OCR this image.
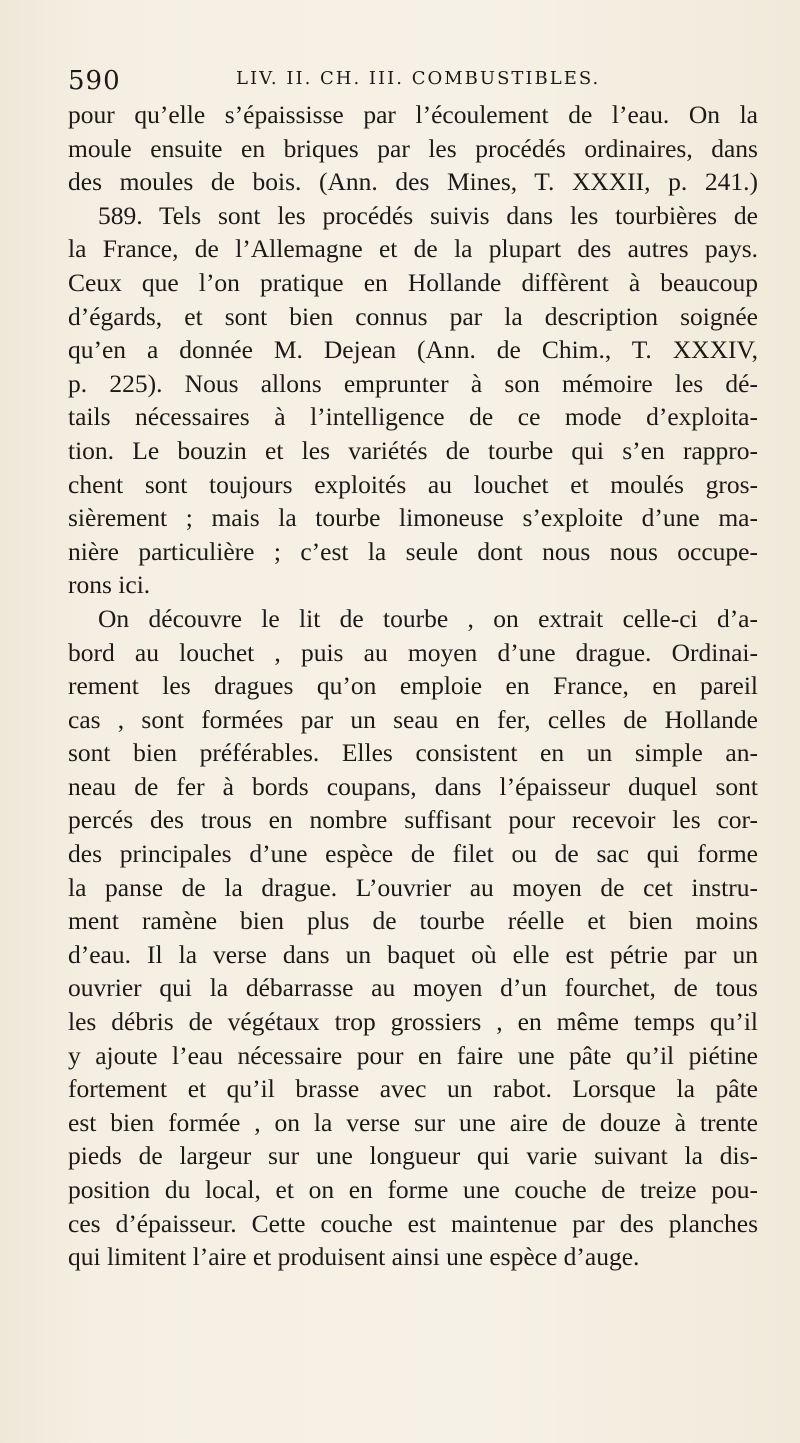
590	LIV. II. CH. III. COMBUSTIBLES.
pour qu’elle s’épaississe par l’écoulement de l’eau. On la
moule ensuite en briques par les procédés ordinaires, dans
des moules de bois. (Ann. des Mines, T. XXXII, p. 241.)
589. Tels sont les procédés suivis dans les tourbières de
la France, de l’Allemagne et de la plupart des autres pays.
Ceux que l’on pratique en Hollande diffèrent à beaucoup
d’égards, et sont bien connus par la description soignée
qu’en a donnée M. Dejean (Ann. de Chim., T. XXXIV,
p. 225). Nous allons emprunter à son mémoire les dé-
tails nécessaires à l’intelligence de ce mode d’exploita-
tion. Le bouzin et les variétés de tourbe qui s’en rappro-
chent sont toujours exploités au louchet et moulés gros-
sièrement ; mais la tourbe limoneuse s’exploite d’une ma-
nière particulière ; c’est la seule dont nous nous occupe-
rons ici.
On découvre le lit de tourbe , on extrait celle-ci d’a-
bord au louchet , puis au moyen d’une drague. Ordinai-
rement les dragues qu’on emploie en France, en pareil
cas , sont formées par un seau en fer, celles de Hollande
sont bien préférables. Elles consistent en un simple an-
neau de fer à bords coupans, dans l’épaisseur duquel sont
percés des trous en nombre suffisant pour recevoir les cor-
des principales d’une espèce de filet ou de sac qui forme
la panse de la drague. L’ouvrier au moyen de cet instru-
ment ramène bien plus de tourbe réelle et bien moins
d’eau. Il la verse dans un baquet où elle est pétrie par un
ouvrier qui la débarrasse au moyen d’un fourchet, de tous
les débris de végétaux trop grossiers , en même temps qu’il
y ajoute l’eau nécessaire pour en faire une pâte qu’il piétine
fortement et qu’il brasse avec un rabot. Lorsque la pâte
est bien formée , on la verse sur une aire de douze à trente
pieds de largeur sur une longueur qui varie suivant la dis-
position du local, et on en forme une couche de treize pou-
ces d’épaisseur. Cette couche est maintenue par des planches
qui limitent l’aire et produisent ainsi une espèce d’auge.
